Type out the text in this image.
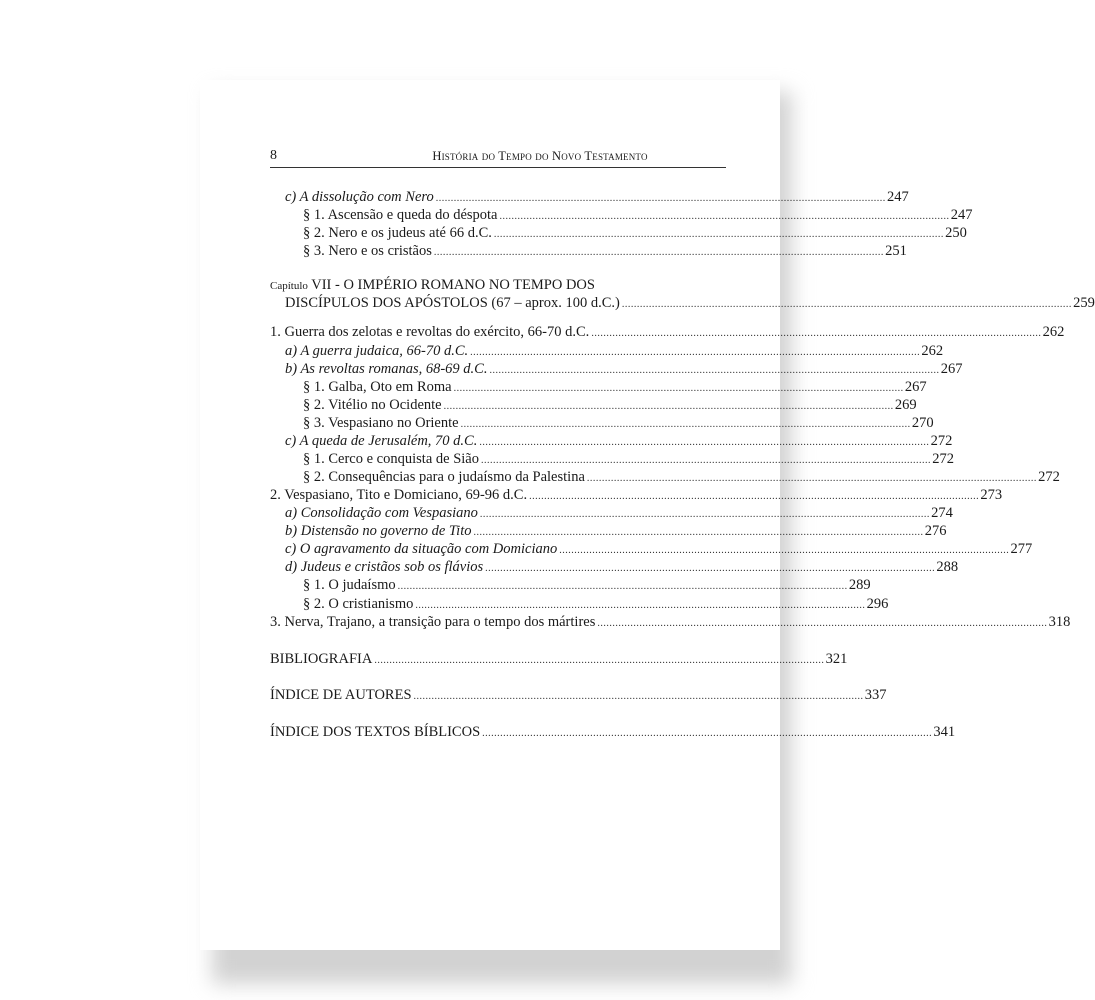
8	História do Tempo do Novo Testamento
c) A dissolução com Nero ...................................................................................................................................................... 247
§ 1. Ascensão e queda do déspota ...................................................................................................................................................... 247
§ 2. Nero e os judeus até 66 d.C. ...................................................................................................................................................... 250
§ 3. Nero e os cristãos ...................................................................................................................................................... 251
Capítulo VII - O IMPÉRIO ROMANO NO TEMPO DOS
DISCÍPULOS DOS APÓSTOLOS (67 – aprox. 100 d.C.) ...................................................................................................................................................... 259
1. Guerra dos zelotas e revoltas do exército, 66-70 d.C. ...................................................................................................................................................... 262
a) A guerra judaica, 66-70 d.C. ...................................................................................................................................................... 262
b) As revoltas romanas, 68-69 d.C. ...................................................................................................................................................... 267
§ 1. Galba, Oto em Roma ...................................................................................................................................................... 267
§ 2. Vitélio no Ocidente ...................................................................................................................................................... 269
§ 3. Vespasiano no Oriente ...................................................................................................................................................... 270
c) A queda de Jerusalém, 70 d.C. ...................................................................................................................................................... 272
§ 1. Cerco e conquista de Sião ...................................................................................................................................................... 272
§ 2. Consequências para o judaísmo da Palestina ...................................................................................................................................................... 272
2. Vespasiano, Tito e Domiciano, 69-96 d.C. ...................................................................................................................................................... 273
a) Consolidação com Vespasiano ...................................................................................................................................................... 274
b) Distensão no governo de Tito ...................................................................................................................................................... 276
c) O agravamento da situação com Domiciano ...................................................................................................................................................... 277
d) Judeus e cristãos sob os flávios ...................................................................................................................................................... 288
§ 1. O judaísmo ...................................................................................................................................................... 289
§ 2. O cristianismo ...................................................................................................................................................... 296
3. Nerva, Trajano, a transição para o tempo dos mártires ...................................................................................................................................................... 318
BIBLIOGRAFIA ...................................................................................................................................................... 321
ÍNDICE DE AUTORES ...................................................................................................................................................... 337
ÍNDICE DOS TEXTOS BÍBLICOS ...................................................................................................................................................... 341
